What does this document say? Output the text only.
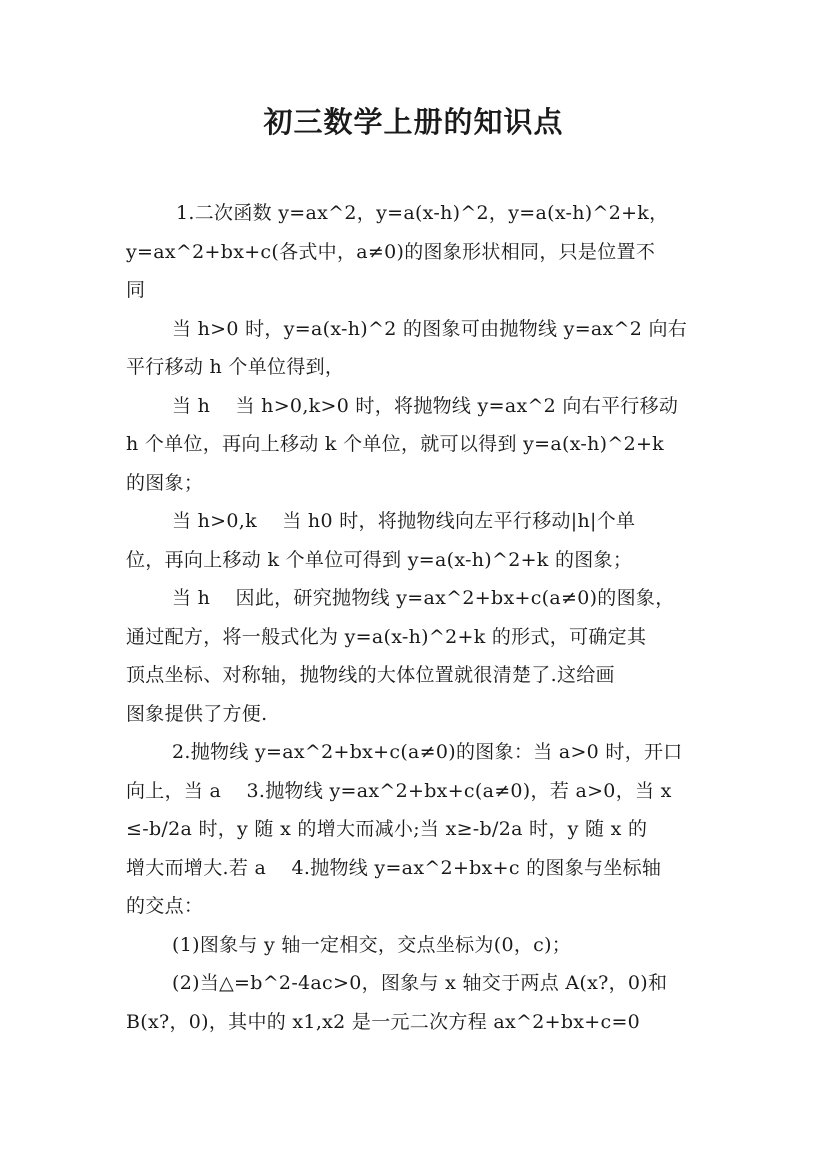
初三数学上册的知识点
1.二次函数 y=ax^2，y=a(x-h)^2，y=a(x-h)^2+k，
y=ax^2+bx+c(各式中，a≠0)的图象形状相同，只是位置不
同
当 h>0 时，y=a(x-h)^2 的图象可由抛物线 y=ax^2 向右
平行移动 h 个单位得到，
当 h    当 h>0,k>0 时，将抛物线 y=ax^2 向右平行移动
h 个单位，再向上移动 k 个单位，就可以得到 y=a(x-h)^2+k
的图象；
当 h>0,k    当 h0 时，将抛物线向左平行移动|h|个单
位，再向上移动 k 个单位可得到 y=a(x-h)^2+k 的图象；
当 h    因此，研究抛物线 y=ax^2+bx+c(a≠0)的图象，
通过配方，将一般式化为 y=a(x-h)^2+k 的形式，可确定其
顶点坐标、对称轴，抛物线的大体位置就很清楚了.这给画
图象提供了方便.
2.抛物线 y=ax^2+bx+c(a≠0)的图象：当 a>0 时，开口
向上，当 a    3.抛物线 y=ax^2+bx+c(a≠0)，若 a>0，当 x
≤-b/2a 时，y 随 x 的增大而减小;当 x≥-b/2a 时，y 随 x 的
增大而增大.若 a    4.抛物线 y=ax^2+bx+c 的图象与坐标轴
的交点：
(1)图象与 y 轴一定相交，交点坐标为(0，c)；
(2)当△=b^2-4ac>0，图象与 x 轴交于两点 A(x?，0)和
B(x?，0)，其中的 x1,x2 是一元二次方程 ax^2+bx+c=0
